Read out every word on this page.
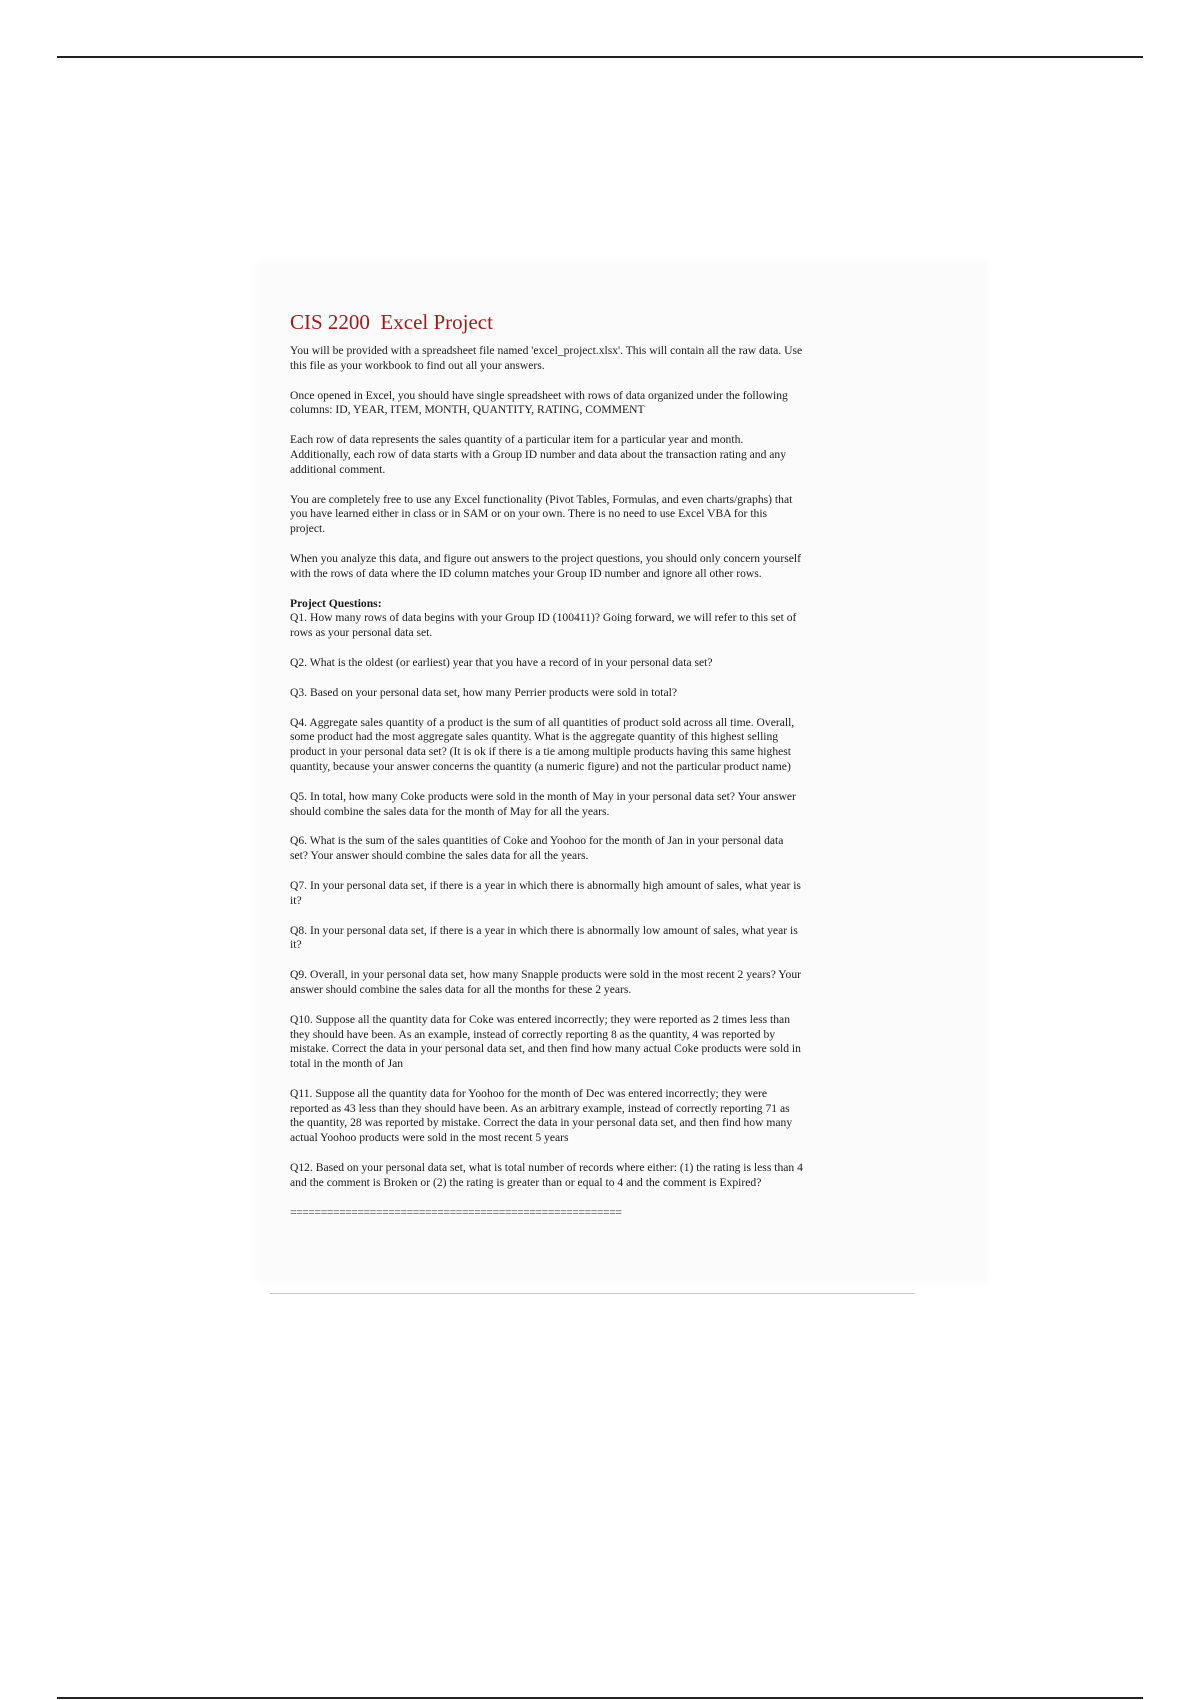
CIS 2200  Excel Project

You will be provided with a spreadsheet file named 'excel_project.xlsx'. This will contain all the raw data. Use
this file as your workbook to find out all your answers.

Once opened in Excel, you should have single spreadsheet with rows of data organized under the following
columns: ID, YEAR, ITEM, MONTH, QUANTITY, RATING, COMMENT

Each row of data represents the sales quantity of a particular item for a particular year and month.
Additionally, each row of data starts with a Group ID number and data about the transaction rating and any
additional comment.

You are completely free to use any Excel functionality (Pivot Tables, Formulas, and even charts/graphs) that
you have learned either in class or in SAM or on your own. There is no need to use Excel VBA for this
project.

When you analyze this data, and figure out answers to the project questions, you should only concern yourself
with the rows of data where the ID column matches your Group ID number and ignore all other rows.

Project Questions:

Q1. How many rows of data begins with your Group ID (100411)? Going forward, we will refer to this set of
rows as your personal data set.

Q2. What is the oldest (or earliest) year that you have a record of in your personal data set?

Q3. Based on your personal data set, how many Perrier products were sold in total?

Q4. Aggregate sales quantity of a product is the sum of all quantities of product sold across all time. Overall,
some product had the most aggregate sales quantity. What is the aggregate quantity of this highest selling
product in your personal data set? (It is ok if there is a tie among multiple products having this same highest
quantity, because your answer concerns the quantity (a numeric figure) and not the particular product name)

Q5. In total, how many Coke products were sold in the month of May in your personal data set? Your answer
should combine the sales data for the month of May for all the years.

Q6. What is the sum of the sales quantities of Coke and Yoohoo for the month of Jan in your personal data
set? Your answer should combine the sales data for all the years.

Q7. In your personal data set, if there is a year in which there is abnormally high amount of sales, what year is
it?

Q8. In your personal data set, if there is a year in which there is abnormally low amount of sales, what year is
it?

Q9. Overall, in your personal data set, how many Snapple products were sold in the most recent 2 years? Your
answer should combine the sales data for all the months for these 2 years.

Q10. Suppose all the quantity data for Coke was entered incorrectly; they were reported as 2 times less than
they should have been. As an example, instead of correctly reporting 8 as the quantity, 4 was reported by
mistake. Correct the data in your personal data set, and then find how many actual Coke products were sold in
total in the month of Jan

Q11. Suppose all the quantity data for Yoohoo for the month of Dec was entered incorrectly; they were
reported as 43 less than they should have been. As an arbitrary example, instead of correctly reporting 71 as
the quantity, 28 was reported by mistake. Correct the data in your personal data set, and then find how many
actual Yoohoo products were sold in the most recent 5 years

Q12. Based on your personal data set, what is total number of records where either: (1) the rating is less than 4
and the comment is Broken or (2) the rating is greater than or equal to 4 and the comment is Expired?

======================================================
